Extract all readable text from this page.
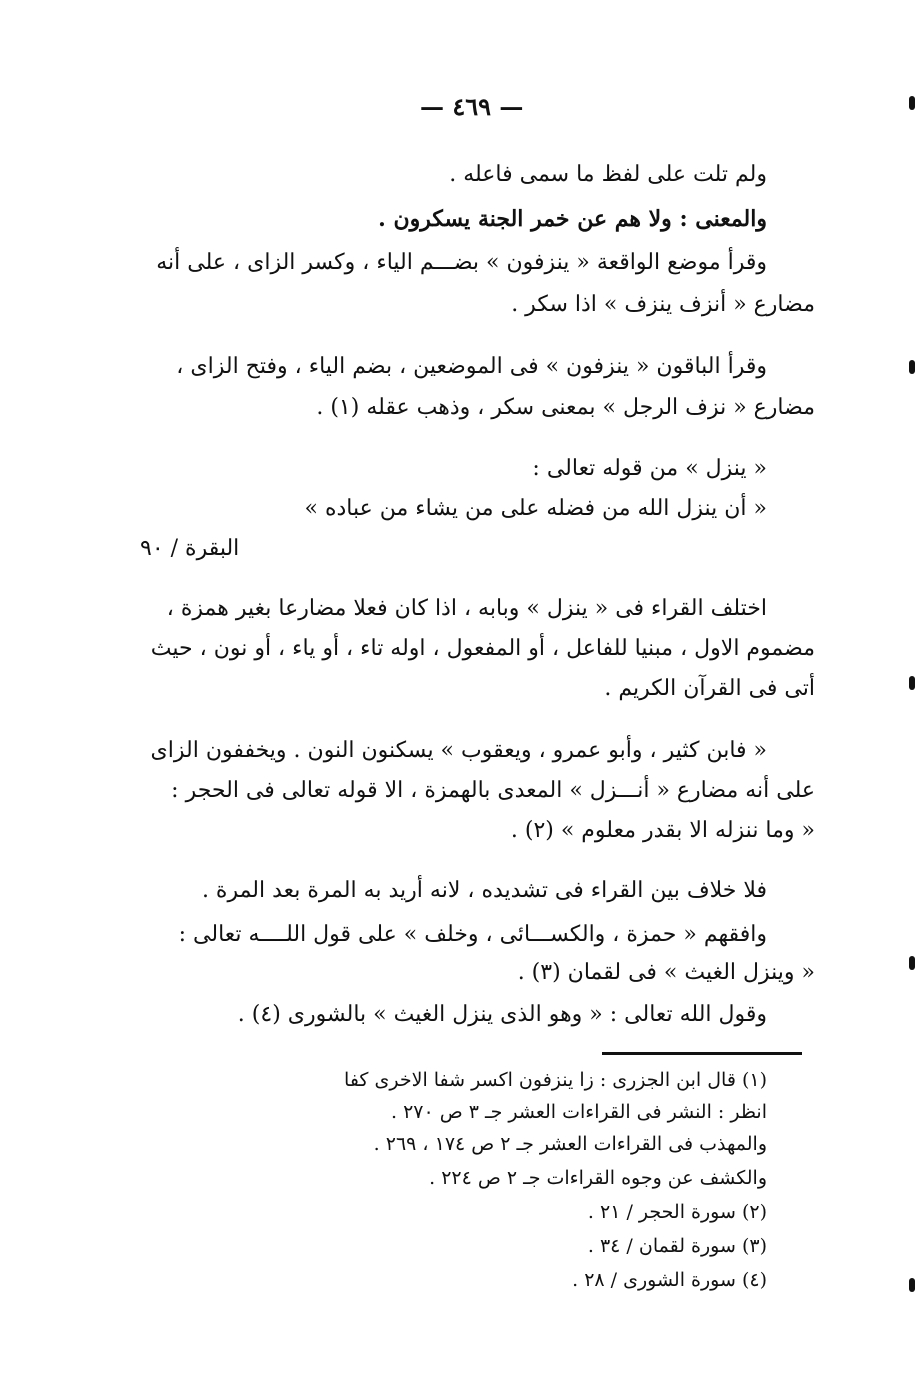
— ٤٦٩ —
ولم تلت على لفظ ما سمى فاعله .
والمعنى : ولا هم عن خمر الجنة يسكرون .
وقرأ موضع الواقعة « ينزفون » بضـــم الياء ، وكسر الزاى ، على أنه
مضارع « أنزف ينزف » اذا سكر .
وقرأ الباقون « ينزفون » فى الموضعين ، بضم الياء ، وفتح الزاى ،
مضارع « نزف الرجل » بمعنى سكر ، وذهب عقله (١) .
« ينزل » من قوله تعالى :
« أن ينزل الله من فضله على من يشاء من عباده »
البقرة / ٩٠
اختلف القراء فى « ينزل » وبابه ، اذا كان فعلا مضارعا بغير همزة ،
مضموم الاول ، مبنيا للفاعل ، أو المفعول ، اوله تاء ، أو ياء ، أو نون ، حيث
أتى فى القرآن الكريم .
« فابن كثير ، وأبو عمرو ، ويعقوب » يسكنون النون . ويخففون الزاى
على أنه مضارع « أنـــزل » المعدى بالهمزة ، الا قوله تعالى فى الحجر :
« وما ننزله الا بقدر معلوم » (٢) .
فلا خلاف بين القراء فى تشديده ، لانه أريد به المرة بعد المرة .
وافقهم « حمزة ، والكســـائى ، وخلف » على قول اللــــه تعالى :
« وينزل الغيث » فى لقمان (٣) .
وقول الله تعالى : « وهو الذى ينزل الغيث » بالشورى (٤) .
(١) قال ابن الجزرى : زا ينزفون اكسر شفا الاخرى كفا
انظر : النشر فى القراءات العشر جـ ٣ ص ٢٧٠ .
والمهذب فى القراءات العشر جـ ٢ ص ١٧٤ ، ٢٦٩ .
والكشف عن وجوه القراءات جـ ٢ ص ٢٢٤ .
(٢) سورة الحجر / ٢١ .
(٣) سورة لقمان / ٣٤ .
(٤) سورة الشورى / ٢٨ .
